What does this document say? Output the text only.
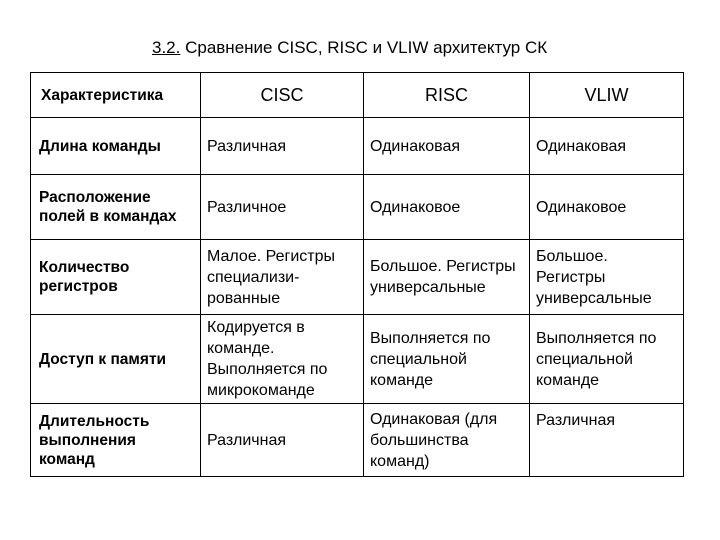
3.2. Сравнение CISC, RISC и VLIW архитектур СК
Характеристика	CISC	RISC	VLIW
Длина команды	Различная	Одинаковая	Одинаковая
Расположение полей в командах	Различное	Одинаковое	Одинаковое
Количество регистров	Малое. Регистры специализи-рованные	Большое. Регистры универсальные	Большое. Регистры универсальные
Доступ к памяти	Кодируется в команде. Выполняется по микрокоманде	Выполняется по специальной команде	Выполняется по специальной команде
Длительность выполнения команд	Различная	Одинаковая (для большинства команд)	Различная
